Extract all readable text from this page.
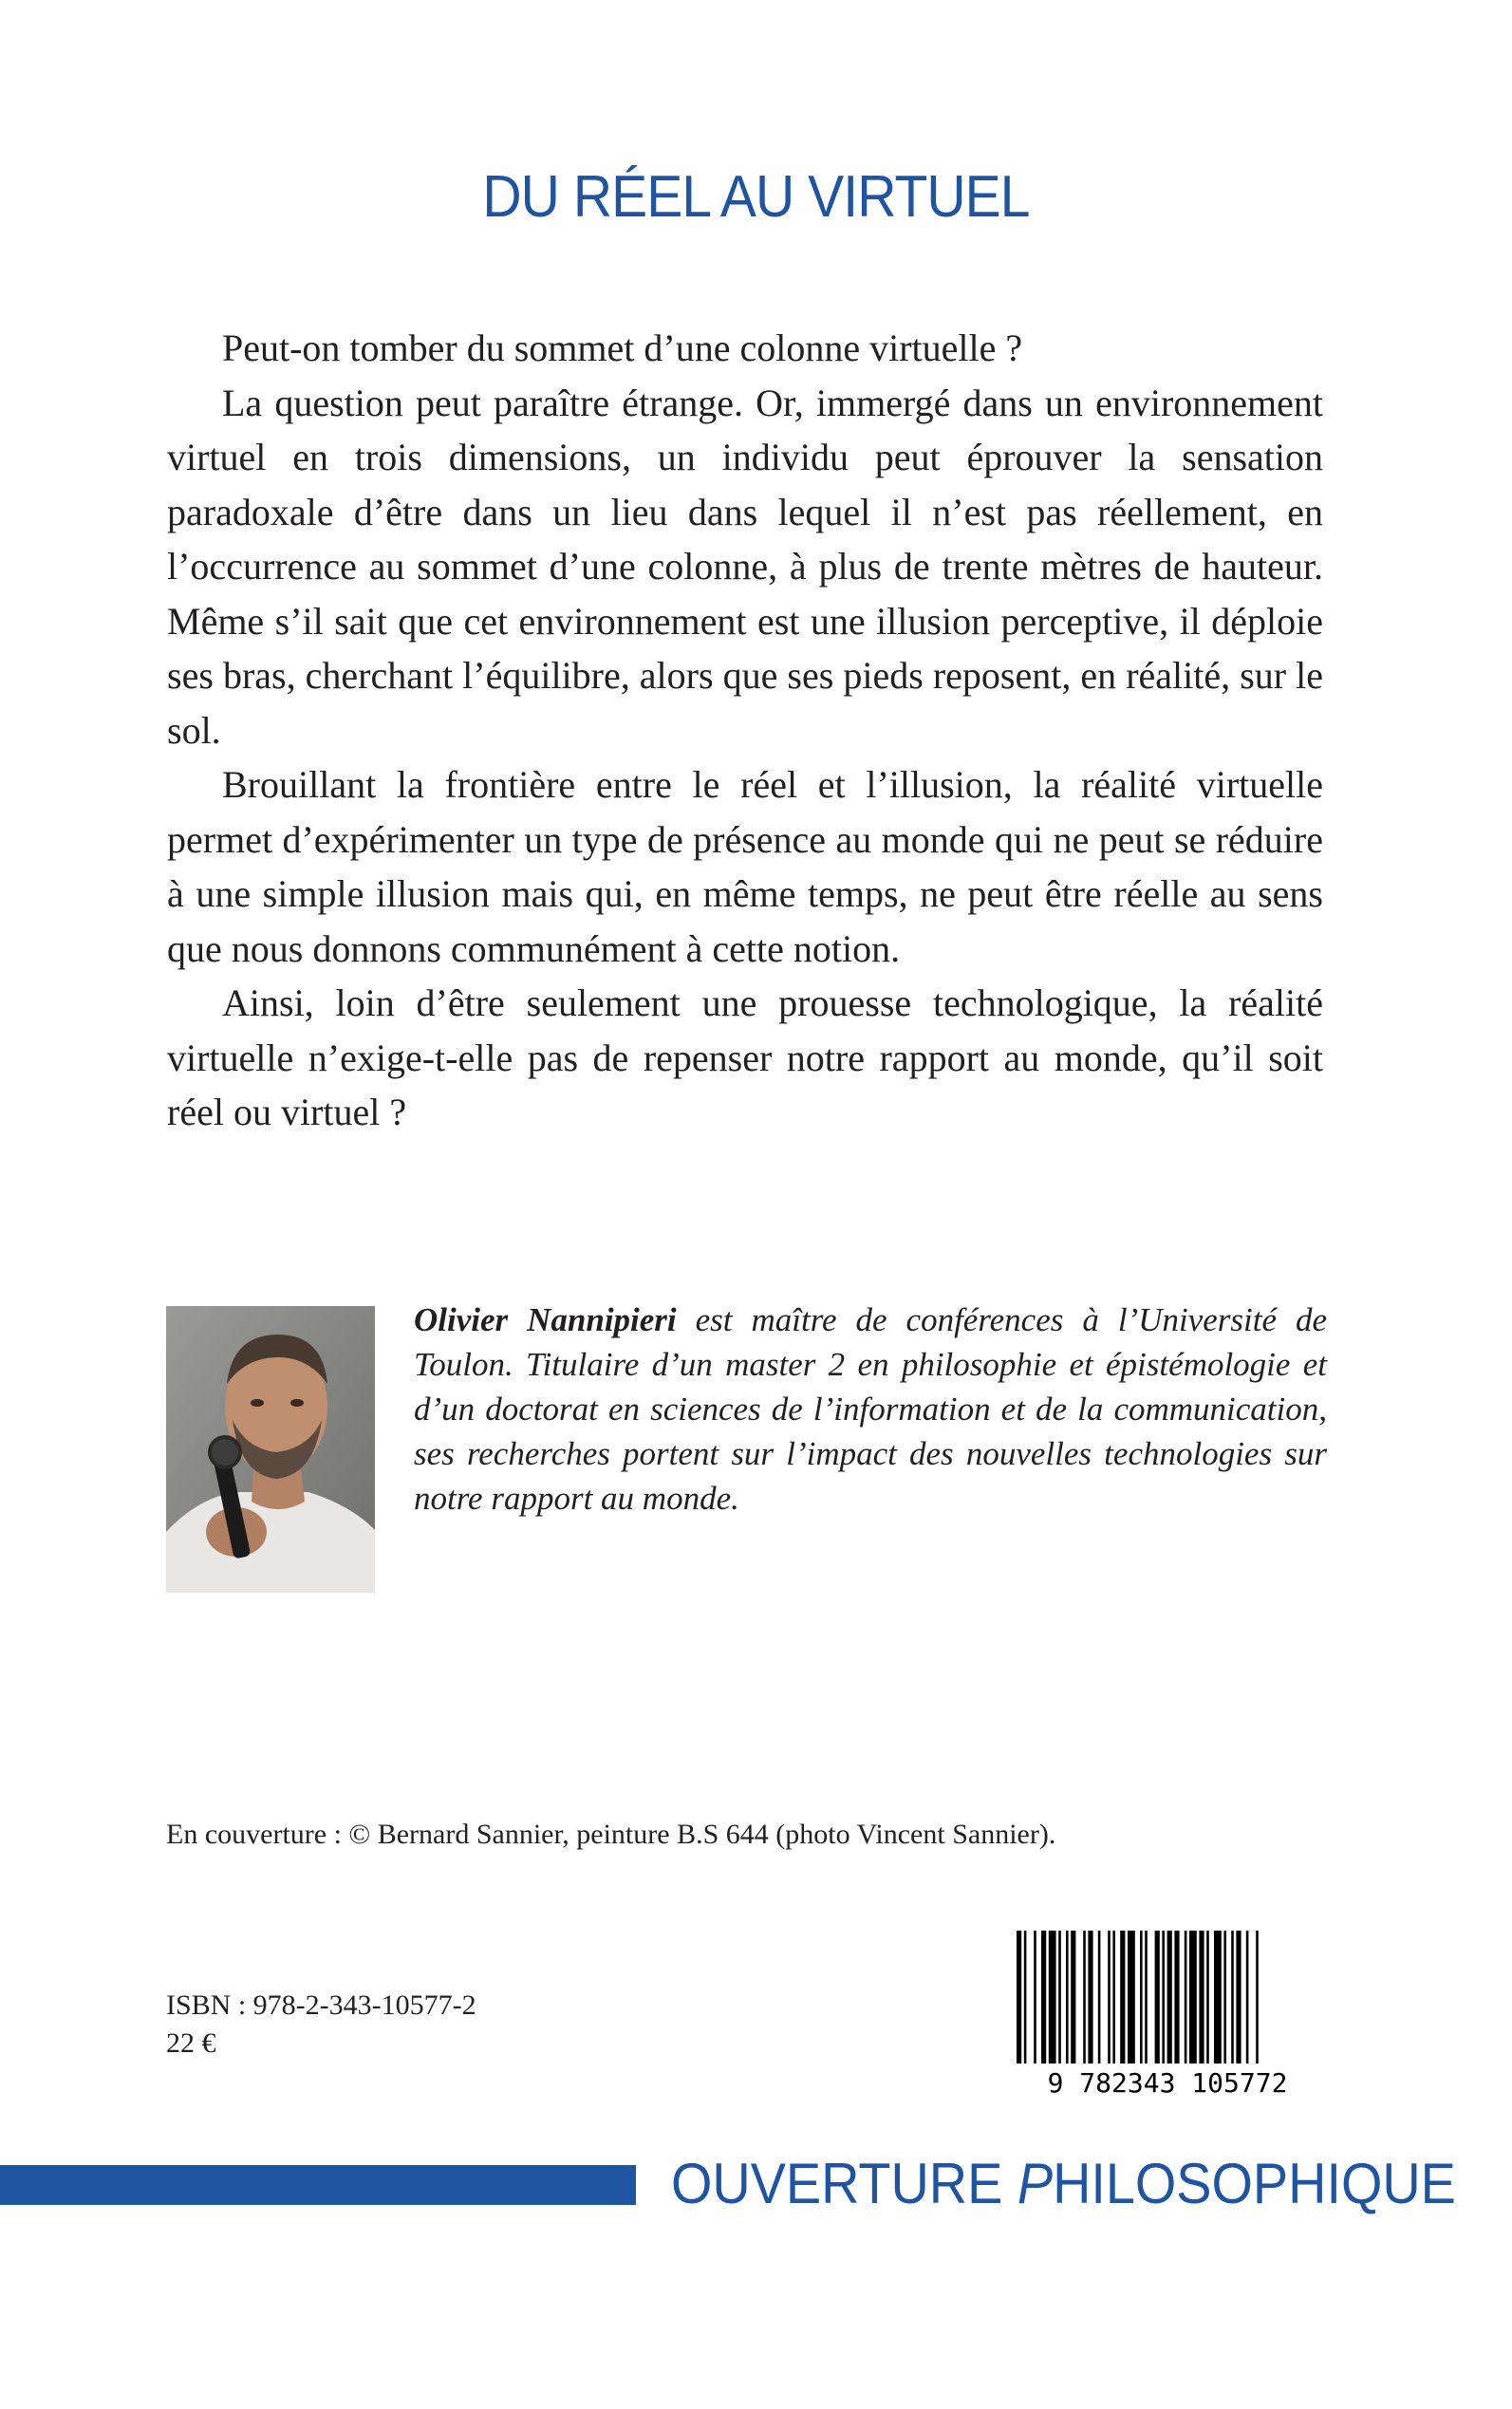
DU RÉEL AU VIRTUEL

Peut-on tomber du sommet d’une colonne virtuelle ?

La question peut paraître étrange. Or, immergé dans un environnement virtuel en trois dimensions, un individu peut éprouver la sensation paradoxale d’être dans un lieu dans lequel il n’est pas réellement, en l’occurrence au sommet d’une colonne, à plus de trente mètres de hauteur. Même s’il sait que cet environnement est une illusion perceptive, il déploie ses bras, cherchant l’équilibre, alors que ses pieds reposent, en réalité, sur le sol.

Brouillant la frontière entre le réel et l’illusion, la réalité virtuelle permet d’expérimenter un type de présence au monde qui ne peut se réduire à une simple illusion mais qui, en même temps, ne peut être réelle au sens que nous donnons communément à cette notion.

Ainsi, loin d’être seulement une prouesse technologique, la réalité virtuelle n’exige-t-elle pas de repenser notre rapport au monde, qu’il soit réel ou virtuel ?

Olivier Nannipieri est maître de conférences à l’Université de Toulon. Titulaire d’un master 2 en philosophie et épistémologie et d’un doctorat en sciences de l’information et de la communication, ses recherches portent sur l’impact des nouvelles technologies sur notre rapport au monde.
En couverture : © Bernard Sannier, peinture B.S 644 (photo Vincent Sannier).
ISBN : 978-2-343-10577-2
22 €
9 782343 105772
OUVERTURE PHILOSOPHIQUE
